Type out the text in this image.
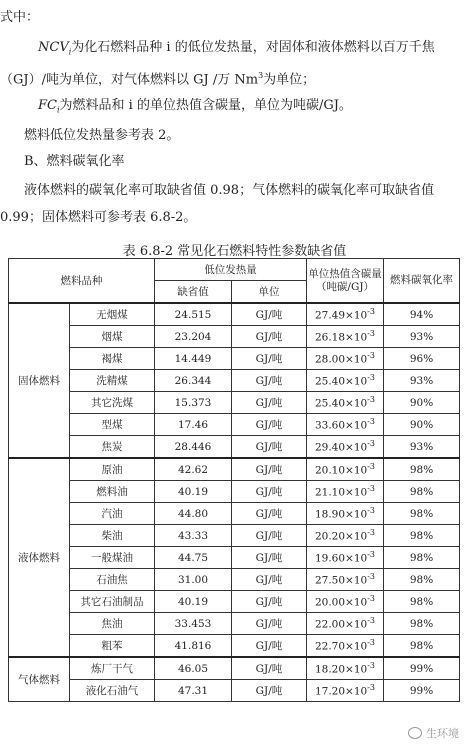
式中：
$NCV_i$为化石燃料品种 i 的低位发热量，对固体和液体燃料以百万千焦
（GJ）/吨为单位，对气体燃料以 GJ /万 Nm$^3$为单位；
$FC_i$为燃料品和 i 的单位热值含碳量，单位为吨碳/GJ。
燃料低位发热量参考表 2。
B、燃料碳氧化率
液体燃料的碳氧化率可取缺省值 0.98；气体燃料的碳氧化率可取缺省值
0.99；固体燃料可参考表 6.8-2。
表 6.8-2 常见化石燃料特性参数缺省值
燃料品种		低位发热量		单位热值含碳量（吨碳/GJ）	燃料碳氧化率
		缺省值	单位		
固体燃料	无烟煤	24.515	GJ/吨	$27.49\times 10^{-3}$	94%
	烟煤	23.204	GJ/吨	$26.18\times 10^{-3}$	93%
	褐煤	14.449	GJ/吨	$28.00\times 10^{-3}$	96%
	洗精煤	26.344	GJ/吨	$25.40\times 10^{-3}$	93%
	其它洗煤	15.373	GJ/吨	$25.40\times 10^{-3}$	90%
	型煤	17.46	GJ/吨	$33.60\times 10^{-3}$	90%
	焦炭	28.446	GJ/吨	$29.40\times 10^{-3}$	93%
液体燃料	原油	42.62	GJ/吨	$20.10\times 10^{-3}$	98%
	燃料油	40.19	GJ/吨	$21.10\times 10^{-3}$	98%
	汽油	44.80	GJ/吨	$18.90\times 10^{-3}$	98%
	柴油	43.33	GJ/吨	$20.20\times 10^{-3}$	98%
	一般煤油	44.75	GJ/吨	$19.60\times 10^{-3}$	98%
	石油焦	31.00	GJ/吨	$27.50\times 10^{-3}$	98%
	其它石油制品	40.19	GJ/吨	$20.00\times 10^{-3}$	98%
	焦油	33.453	GJ/吨	$22.00\times 10^{-3}$	98%
	粗苯	41.816	GJ/吨	$22.70\times 10^{-3}$	98%
气体燃料	炼厂干气	46.05	GJ/吨	$18.20\times 10^{-3}$	99%
	液化石油气	47.31	GJ/吨	$17.20\times 10^{-3}$	99%
生环境
